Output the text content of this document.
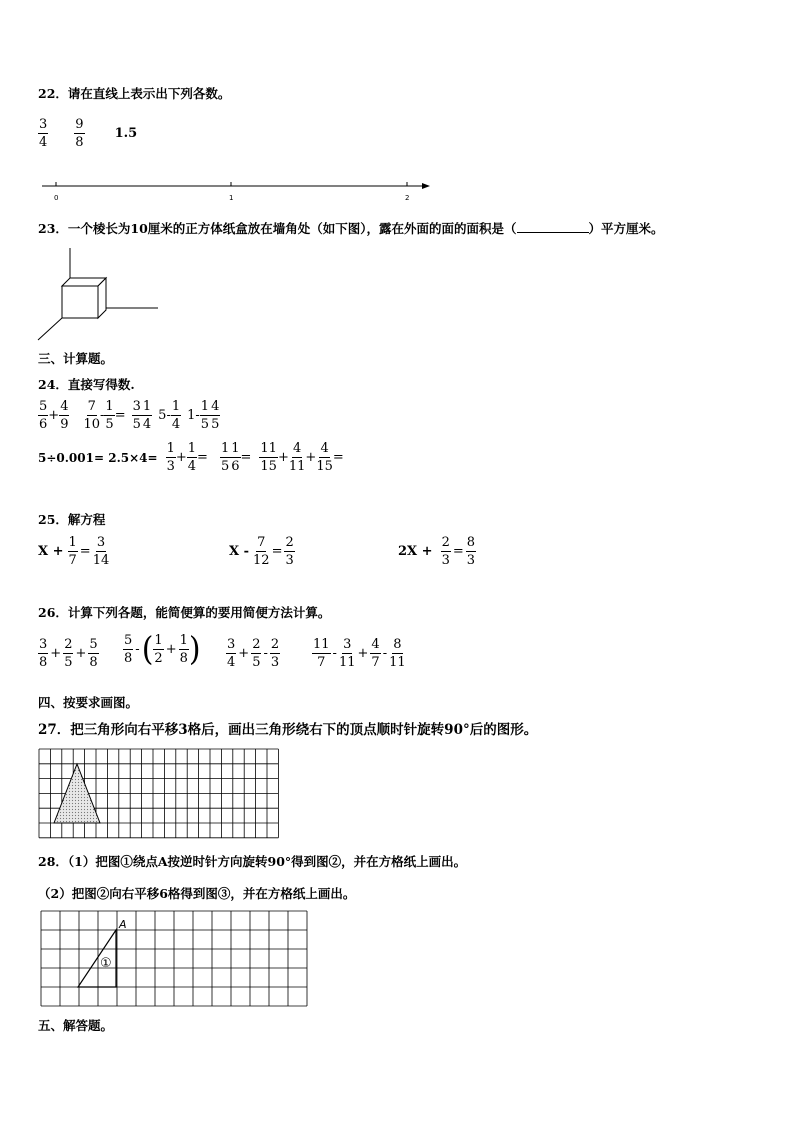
22．请在直线上表示出下列各数。
$\frac{3}{4} \frac{9}{8} 1.5$
0	1	2
23．一个棱长为10厘米的正方体纸盒放在墙角处（如下图），露在外面的面的面积是（	）平方厘米。
三、计算题。
24．直接写得数.
$\frac{5}{6} + \frac{4}{9} \frac{7}{10} - \frac{1}{5} = \frac{3}{5} \frac{1}{4} 5- \frac{1}{4} 1- \frac{1}{5} \frac{4}{5}$
$5\div 0.001= 2.5\times 4= \frac{1}{3} + \frac{1}{4} = \frac{1}{5} \frac{1}{6} = \frac{11}{15} + \frac{4}{11} + \frac{4}{15}$ =
25．解方程
$X + \frac{1}{7} = \frac{3}{14}$	$X - \frac{7}{12} = \frac{2}{3}$	$2X + \frac{2}{3} = \frac{8}{3}$
26．计算下列各题，能简便算的要用简便方法计算。
$\frac{3}{8} + \frac{2}{5} + \frac{5}{8} \frac{5}{8}$ - ( $\frac{1}{2} + \frac{1}{8}$ ) $\frac{3}{4} + \frac{2}{5} - \frac{2}{3} \frac{11}{7} - \frac{3}{11} + \frac{4}{7} - \frac{8}{11}$
四、按要求画图。
27．把三角形向右平移3格后，画出三角形绕右下的顶点顺时针旋转90°后的图形。
28．（1）把图①绕点A按逆时针方向旋转90°得到图②，并在方格纸上画出。
（2）把图②向右平移6格得到图③，并在方格纸上画出。
A
①
五、解答题。
